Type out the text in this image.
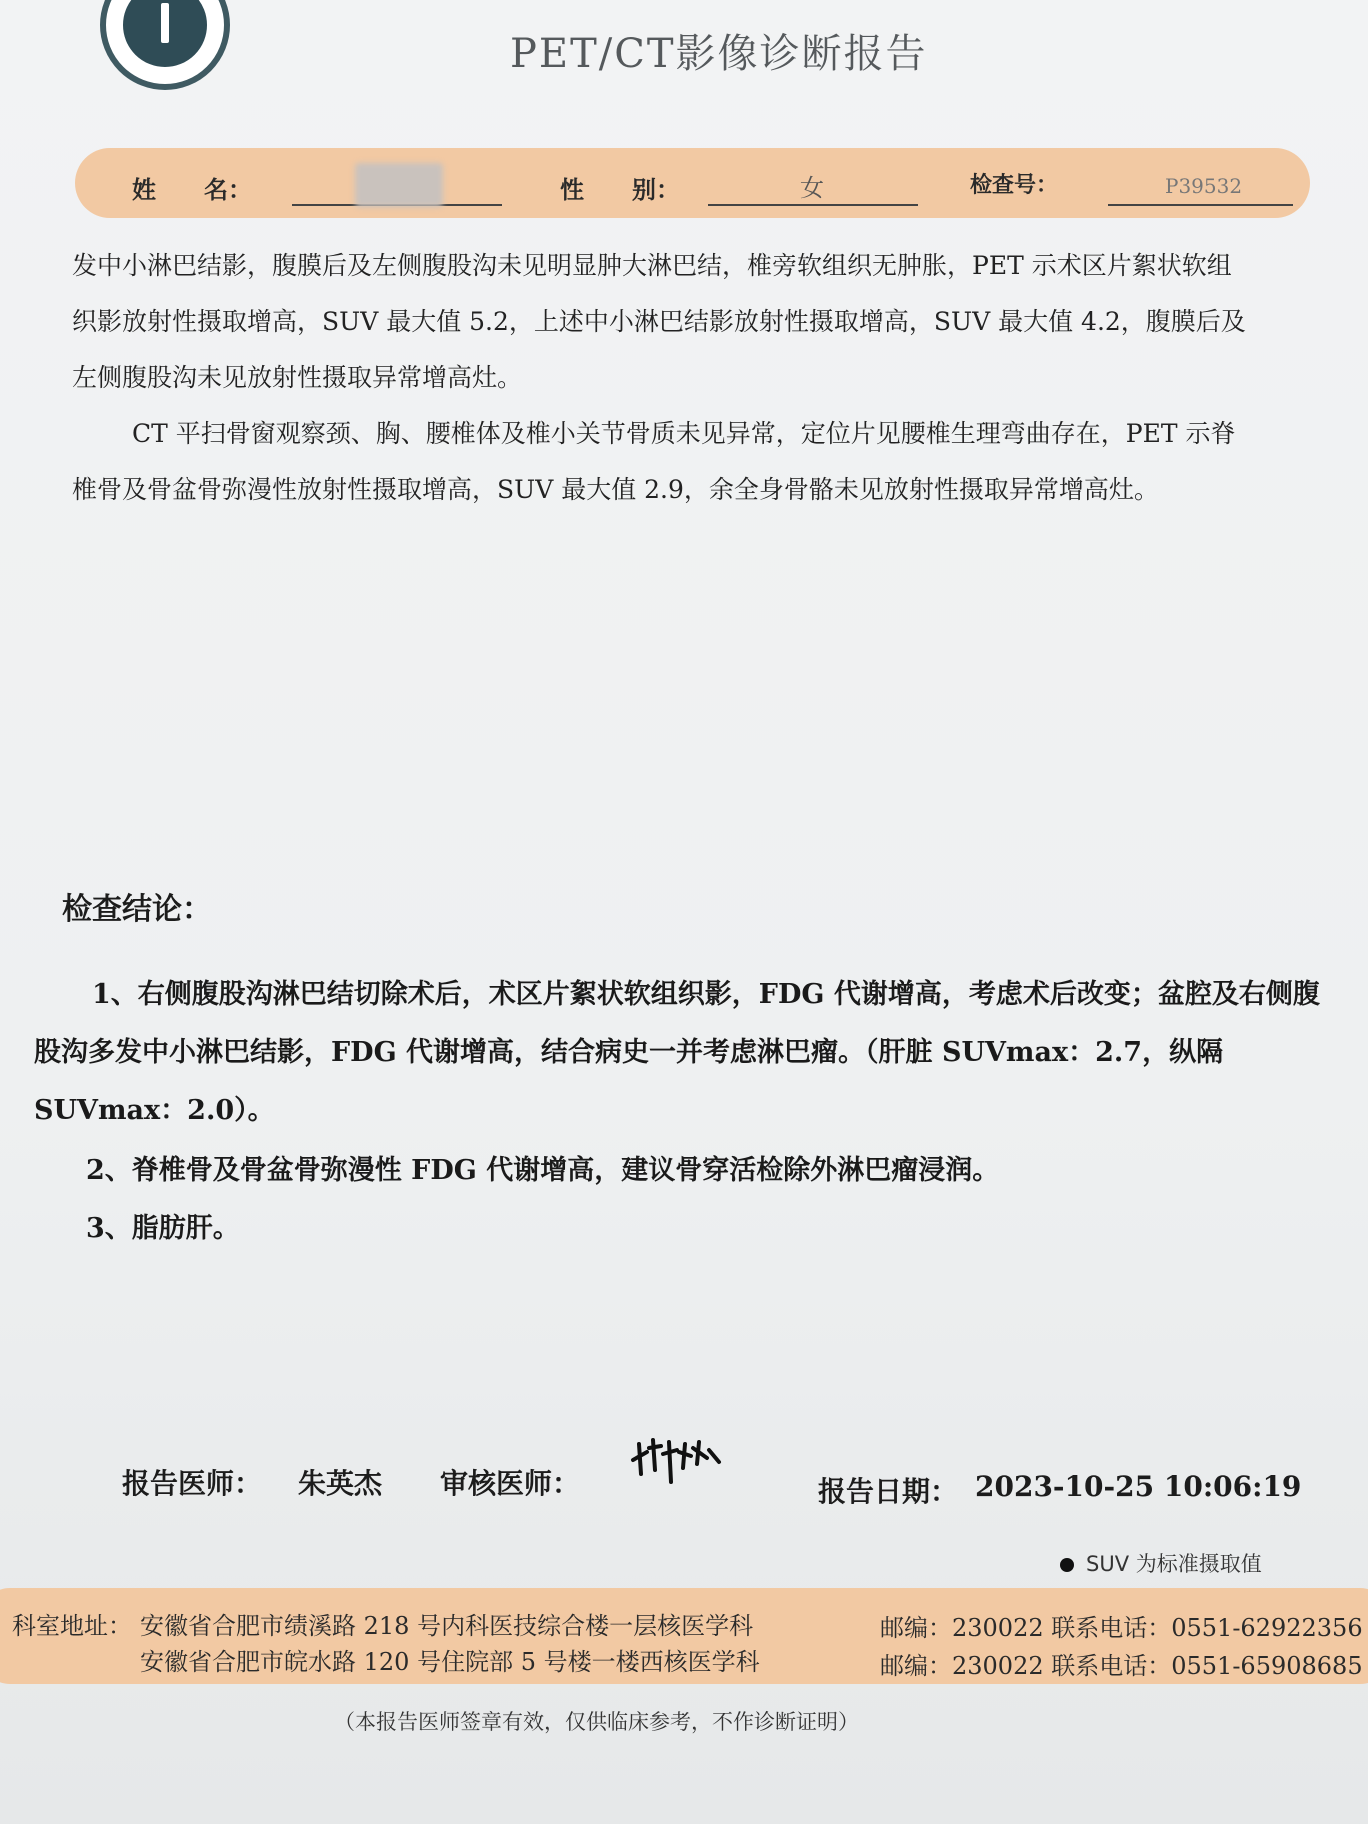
PET/CT影像诊断报告
姓　　名：	性　　别：	女	检查号：	P39532
发中小淋巴结影，腹膜后及左侧腹股沟未见明显肿大淋巴结，椎旁软组织无肿胀，PET 示术区片絮状软组织影放射性摄取增高，SUV 最大值 5.2，上述中小淋巴结影放射性摄取增高，SUV 最大值 4.2，腹膜后及左侧腹股沟未见放射性摄取异常增高灶。
CT 平扫骨窗观察颈、胸、腰椎体及椎小关节骨质未见异常，定位片见腰椎生理弯曲存在，PET 示脊椎骨及骨盆骨弥漫性放射性摄取增高，SUV 最大值 2.9，余全身骨骼未见放射性摄取异常增高灶。
检查结论：
1、右侧腹股沟淋巴结切除术后，术区片絮状软组织影，FDG 代谢增高，考虑术后改变；盆腔及右侧腹股沟多发中小淋巴结影，FDG 代谢增高，结合病史一并考虑淋巴瘤。（肝脏 SUVmax：2.7，纵隔 SUVmax：2.0）。
2、脊椎骨及骨盆骨弥漫性 FDG 代谢增高，建议骨穿活检除外淋巴瘤浸润。
3、脂肪肝。
报告医师： 朱英杰 审核医师：	报告日期： 2023-10-25 10:06:19
SUV 为标准摄取值
科室地址： 安徽省合肥市绩溪路 218 号内科医技综合楼一层核医学科	邮编：230022 联系电话：0551-62922356
安徽省合肥市皖水路 120 号住院部 5 号楼一楼西核医学科	邮编：230022 联系电话：0551-65908685
（本报告医师签章有效，仅供临床参考，不作诊断证明）
